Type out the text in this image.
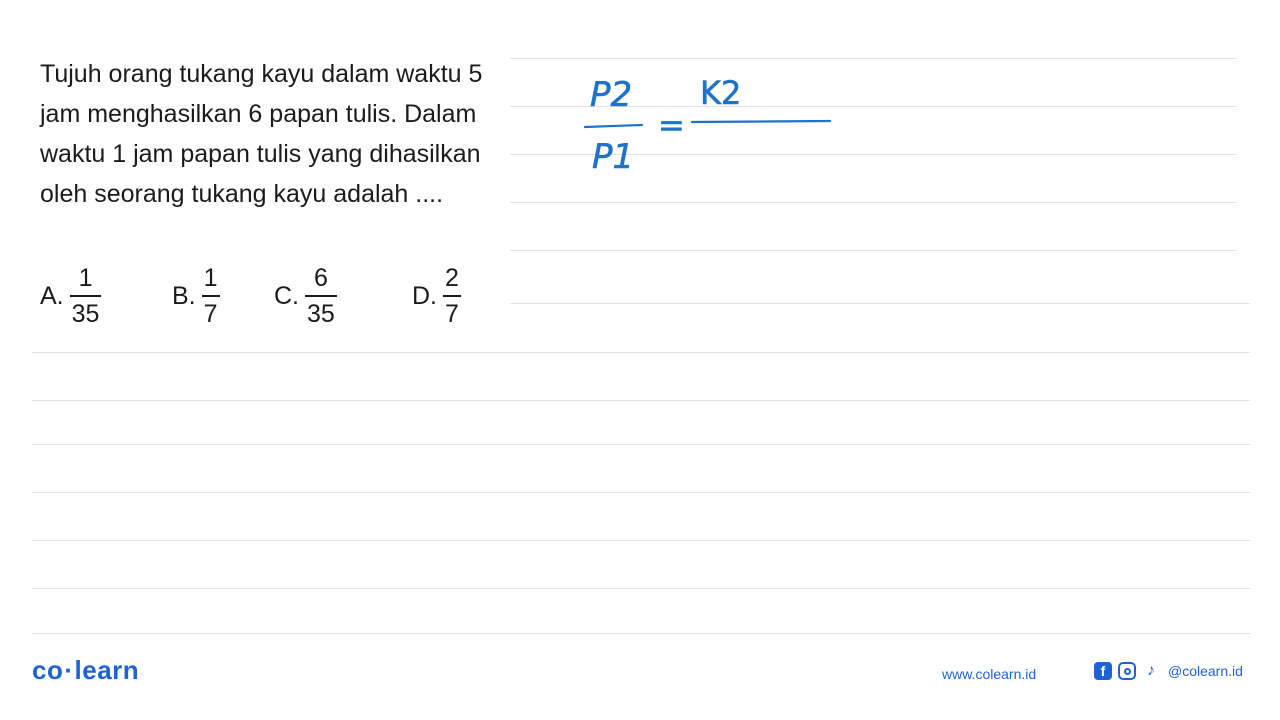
Tujuh orang tukang kayu dalam waktu 5 jam menghasilkan 6 papan tulis. Dalam waktu 1 jam papan tulis yang dihasilkan oleh seorang tukang kayu adalah ....
A. $\frac{1}{35}$	B. $\frac{1}{7} C$. $\frac{6}{35}$	D. $\frac{2}{7}$
P2
P1
=
K2
co·learn	www.colearn.id	f	♪ @colearn.id
